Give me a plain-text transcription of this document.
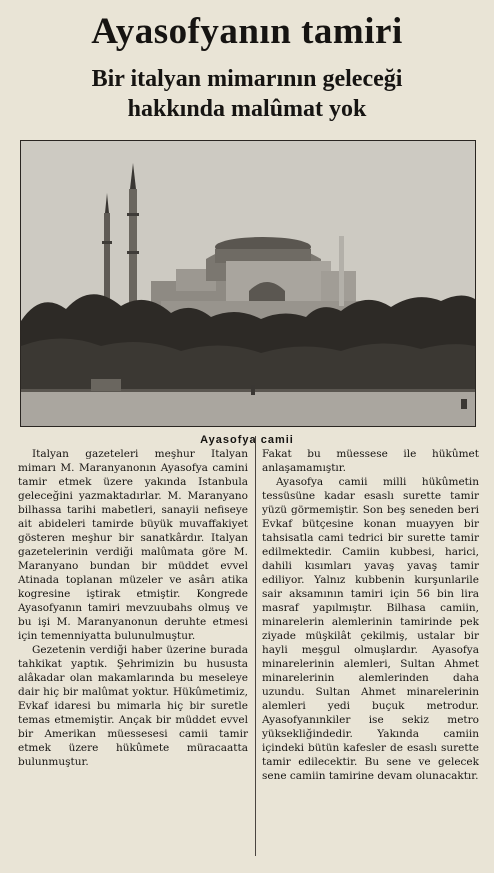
Ayasofyanın tamiri
Bir italyan mimarının geleceği
hakkında malûmat yok
Ayasofya camii

Italyan gazeteleri meşhur Italyan mimarı M. Maranyanonın Ayasofya camini tamir etmek üzere yakında Istanbula geleceğini yazmaktadırlar. M. Maranyano bilhassa tarihi mabetleri, sanayii nefiseye ait abideleri tamirde büyük muvaffakiyet gösteren meşhur bir sanatkârdır. Italyan gazetelerinin verdiği malûmata göre M. Maranyano bundan bir müddet evvel Atinada toplanan müzeler ve asârı atika kogresine iştirak etmiştir. Kongrede Ayasofyanın tamiri mevzuubahs olmuş ve bu işi M. Maranyanonun deruhte etmesi için temenniyatta bulunulmuştur.

Gezetenin verdiği haber üzerine burada tahkikat yaptık. Şehrimizin bu hususta alâkadar olan makamlarında bu meseleye dair hiç bir malûmat yoktur. Hükûmetimiz, Evkaf idaresi bu mimarla hiç bir suretle temas etmemiştir. Ançak bir müddet evvel bir Amerikan müessesesi camii tamir etmek üzere hükûmete müracaatta bulunmuştur.

Fakat bu müessese ile hükûmet anlaşamamıştır.

Ayasofya camii milli hükûmetin tessüsüne kadar esaslı surette tamir yüzü görmemiştir. Son beş seneden beri Evkaf bütçesine konan muayyen bir tahsisatla cami tedrici bir surette tamir edilmektedir. Camiin kubbesi, harici, dahili kısımları yavaş yavaş tamir ediliyor. Yalnız kubbenin kurşunlarile sair aksamının tamiri için 56 bin lira masraf yapılmıştır. Bilhasa camiin, minarelerin alemlerinin tamirinde pek ziyade müşkilât çekilmiş, ustalar bir hayli meşgul olmuşlardır. Ayasofya minarelerinin alemleri, Sultan Ahmet minarelerinin alemlerinden daha uzundu. Sultan Ahmet minarelerinin alemleri yedi buçuk metrodur. Ayasofyanınkiler ise sekiz metro yüksekliğindedir. Yakında camiin içindeki bütün kafesler de esaslı surette tamir edilecektir. Bu sene ve gelecek sene camiin tamirine devam olunacaktır.
